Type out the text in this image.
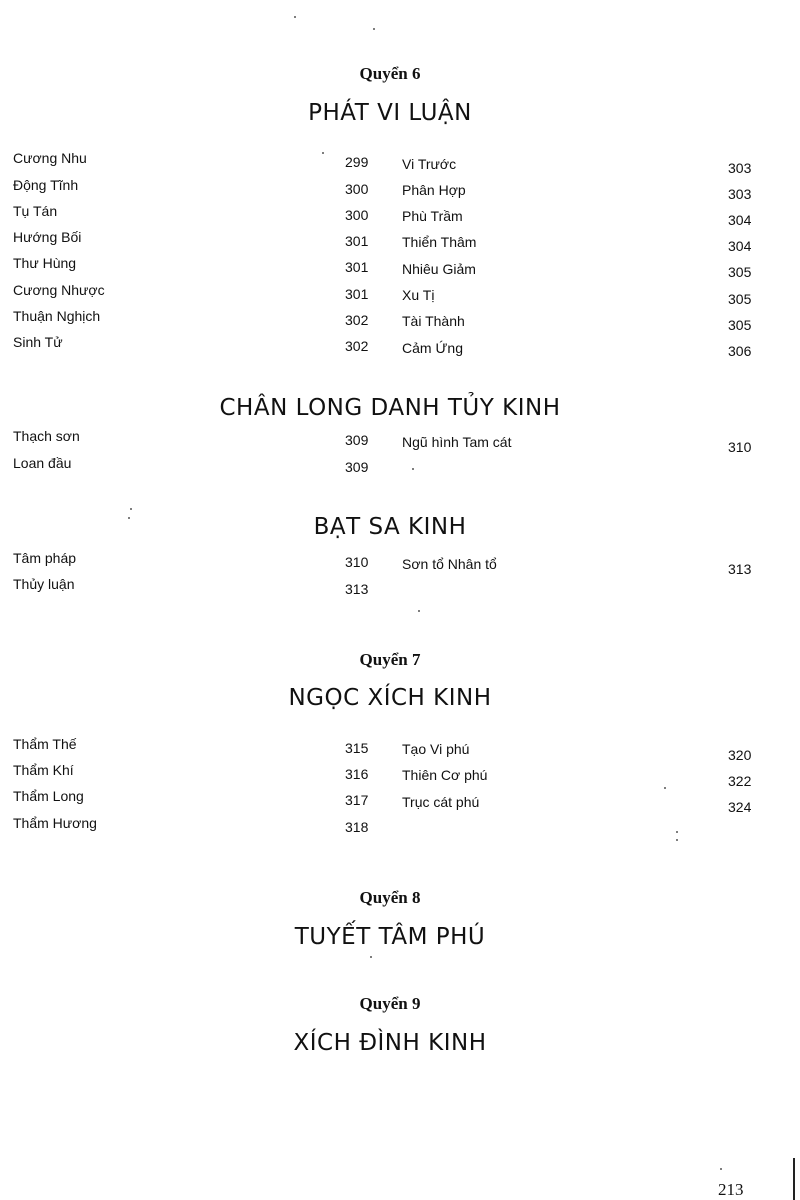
Quyển 6
PHÁT VI LUẬN
Cương Nhu	299 Vi Trước	303
Động Tĩnh	300 Phân Hợp	303
Tụ Tán	300 Phù Trầm	304
Hướng Bối	301 Thiển Thâm	304
Thư Hùng	301 Nhiêu Giảm	305
Cương Nhược	301 Xu Tị	305
Thuận Nghịch	302 Tài Thành	305
Sinh Tử	302 Cảm Ứng	306
CHÂN LONG DANH TỦY KINH
Thạch sơn	309 Ngũ hình Tam cát	310
Loan đầu	309
BẠT SA KINH
Tâm pháp	310 Sơn tổ Nhân tổ	313
Thủy luận	313
Quyển 7
NGỌC XÍCH KINH
Thẩm Thế	315 Tạo Vi phú	320
Thẩm Khí	316 Thiên Cơ phú	322
Thẩm Long	317 Trục cát phú	324
Thẩm Hương	318
Quyển 8
TUYẾT TÂM PHÚ
Quyển 9
XÍCH ĐÌNH KINH
213
